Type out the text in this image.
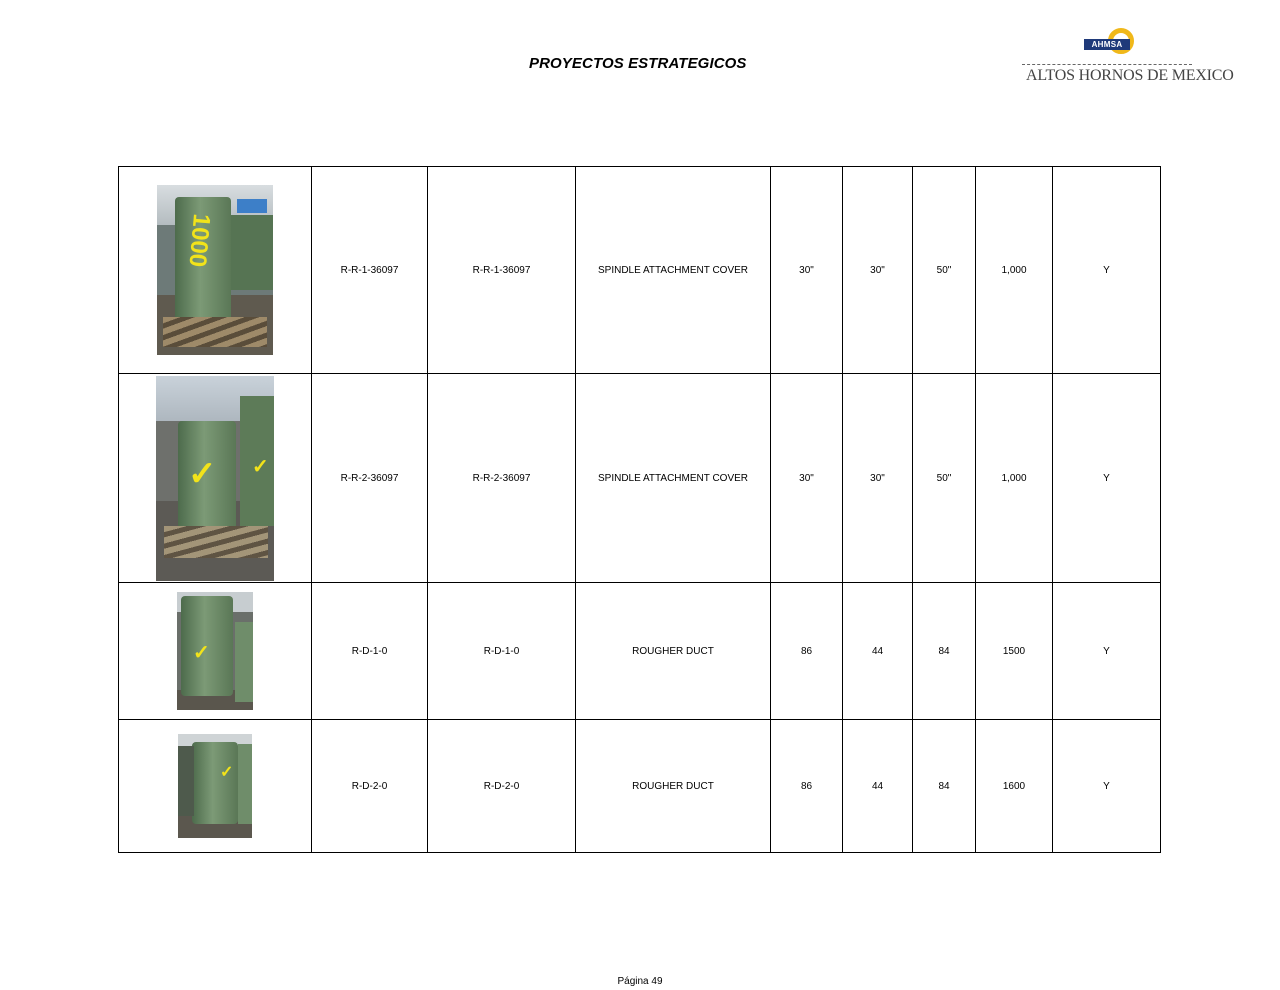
PROYECTOS ESTRATEGICOS
AHMSA
ALTOS HORNOS DE MEXICO
1000	R-R-1-36097	R-R-1-36097	SPINDLE ATTACHMENT COVER	30"	30"	50"	1,000	Y

✓ ✓	R-R-2-36097	R-R-2-36097	SPINDLE ATTACHMENT COVER	30"	30"	50"	1,000	Y

✓	R-D-1-0	R-D-1-0	ROUGHER DUCT	86	44	84	1500	Y

✓	R-D-2-0	R-D-2-0	ROUGHER DUCT	86	44	84	1600	Y
Página 49
